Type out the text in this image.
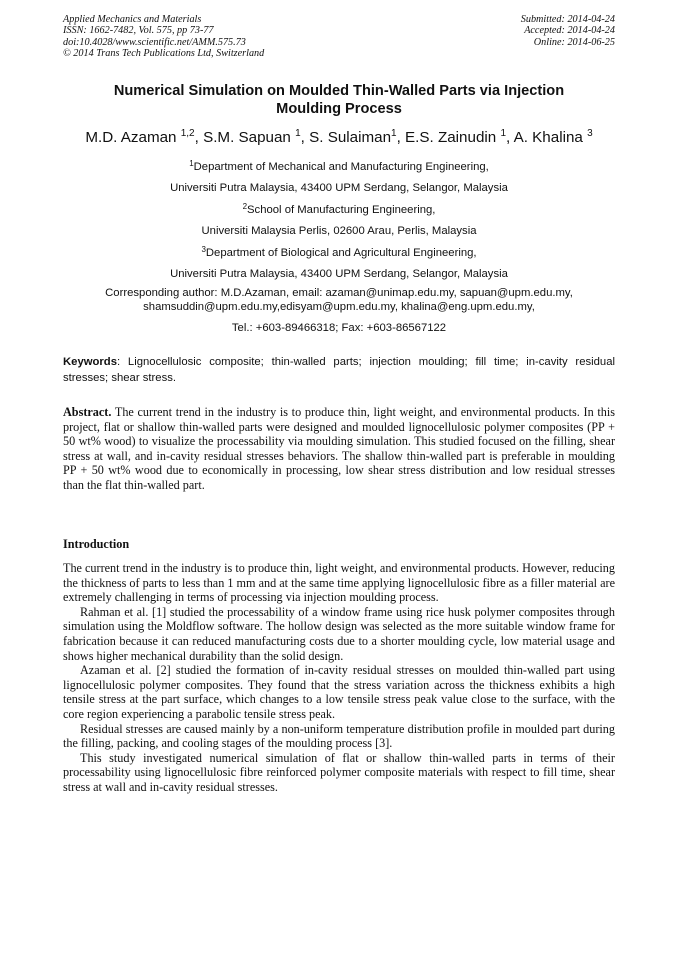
Applied Mechanics and Materials
ISSN: 1662-7482, Vol. 575, pp 73-77
doi:10.4028/www.scientific.net/AMM.575.73
© 2014 Trans Tech Publications Ltd, Switzerland
Submitted: 2014-04-24
Accepted: 2014-04-24
Online: 2014-06-25
Numerical Simulation on Moulded Thin-Walled Parts via Injection
Moulding Process
M.D. Azaman $^{1,2}$, S.M. Sapuan $^1$, S. Sulaiman$^1$, E.S. Zainudin $^1$, A. Khalina $^3$
$^1$Department of Mechanical and Manufacturing Engineering,
Universiti Putra Malaysia, 43400 UPM Serdang, Selangor, Malaysia
$^2$School of Manufacturing Engineering,
Universiti Malaysia Perlis, 02600 Arau, Perlis, Malaysia
$^3$Department of Biological and Agricultural Engineering,
Universiti Putra Malaysia, 43400 UPM Serdang, Selangor, Malaysia
Corresponding author: M.D.Azaman, email: azaman@unimap.edu.my, sapuan@upm.edu.my,
shamsuddin@upm.edu.my,edisyam@upm.edu.my, khalina@eng.upm.edu.my,
Tel.: +603-89466318; Fax: +603-86567122
Keywords: Lignocellulosic composite; thin-walled parts; injection moulding; fill time; in-cavity residual stresses; shear stress.
Abstract. The current trend in the industry is to produce thin, light weight, and environmental products. In this project, flat or shallow thin-walled parts were designed and moulded lignocellulosic polymer composites (PP + 50 wt% wood) to visualize the processability via moulding simulation. This studied focused on the filling, shear stress at wall, and in-cavity residual stresses behaviors. The shallow thin-walled part is preferable in moulding PP + 50 wt% wood due to economically in processing, low shear stress distribution and low residual stresses than the flat thin-walled part.
Introduction

The current trend in the industry is to produce thin, light weight, and environmental products. However, reducing the thickness of parts to less than 1 mm and at the same time applying lignocellulosic fibre as a filler material are extremely challenging in terms of processing via injection moulding process.

Rahman et al. [1] studied the processability of a window frame using rice husk polymer composites through simulation using the Moldflow software. The hollow design was selected as the more suitable window frame for fabrication because it can reduced manufacturing costs due to a shorter moulding cycle, low material usage and shows higher mechanical durability than the solid design.

Azaman et al. [2] studied the formation of in-cavity residual stresses on moulded thin-walled part using lignocellulosic polymer composites. They found that the stress variation across the thickness exhibits a high tensile stress at the part surface, which changes to a low tensile stress peak value close to the surface, with the core region experiencing a parabolic tensile stress peak.

Residual stresses are caused mainly by a non-uniform temperature distribution profile in moulded part during the filling, packing, and cooling stages of the moulding process [3].

This study investigated numerical simulation of flat or shallow thin-walled parts in terms of their processability using lignocellulosic fibre reinforced polymer composite materials with respect to fill time, shear stress at wall and in-cavity residual stresses.
